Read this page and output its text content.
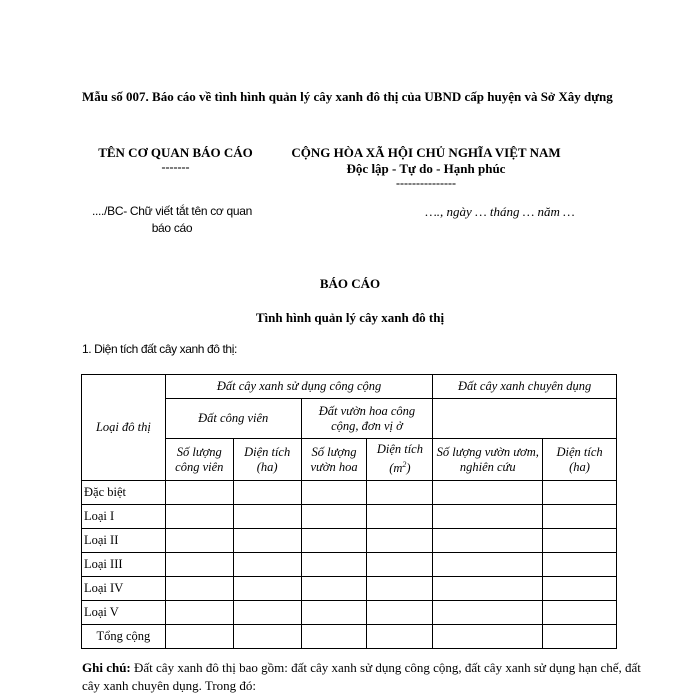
Mẫu số 007. Báo cáo về tình hình quản lý cây xanh đô thị của UBND cấp huyện và Sở Xây dựng
TÊN CƠ QUAN BÁO CÁO
-------
CỘNG HÒA XÃ HỘI CHỦ NGHĨA VIỆT NAM
Độc lập - Tự do - Hạnh phúc
---------------
..../BC- Chữ viết tắt tên cơ quan
báo cáo
…., ngày … tháng … năm …
BÁO CÁO
Tình hình quản lý cây xanh đô thị
1. Diện tích đất cây xanh đô thị:
Loại đô thị	Đất cây xanh sử dụng công cộng				Đất cây xanh chuyên dụng	
	Đất công viên		Đất vườn hoa công cộng, đơn vị ở			
	Số lượng công viên	Diện tích (ha)	Số lượng vườn hoa	Diện tích $(m^2)$	Số lượng vườn ươm, nghiên cứu	Diện tích (ha)
Đặc biệt						
Loại I						
Loại II						
Loại III						
Loại IV						
Loại V						
Tổng cộng						
Ghi chú: Đất cây xanh đô thị bao gồm: đất cây xanh sử dụng công cộng, đất cây xanh sử dụng hạn chế, đất cây xanh chuyên dụng. Trong đó:
